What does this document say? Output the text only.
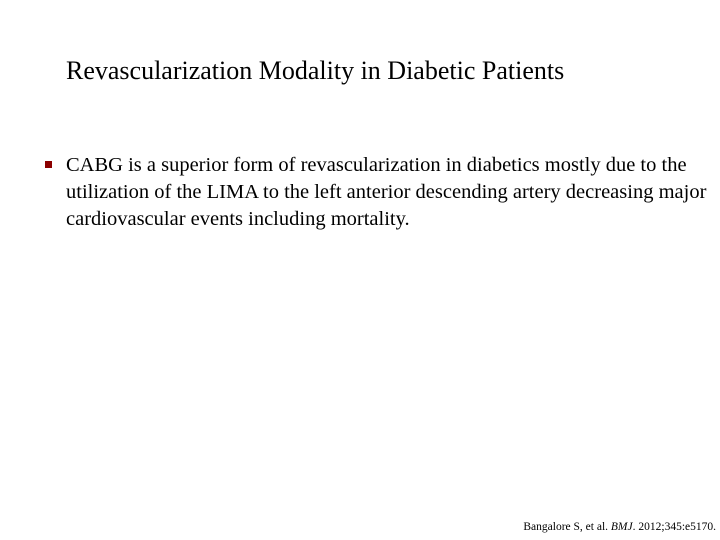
Revascularization Modality in Diabetic Patients
CABG is a superior form of revascularization in diabetics mostly due to the utilization of the LIMA to the left anterior descending artery decreasing major cardiovascular events including mortality.
Bangalore S, et al. BMJ. 2012;345:e5170.
